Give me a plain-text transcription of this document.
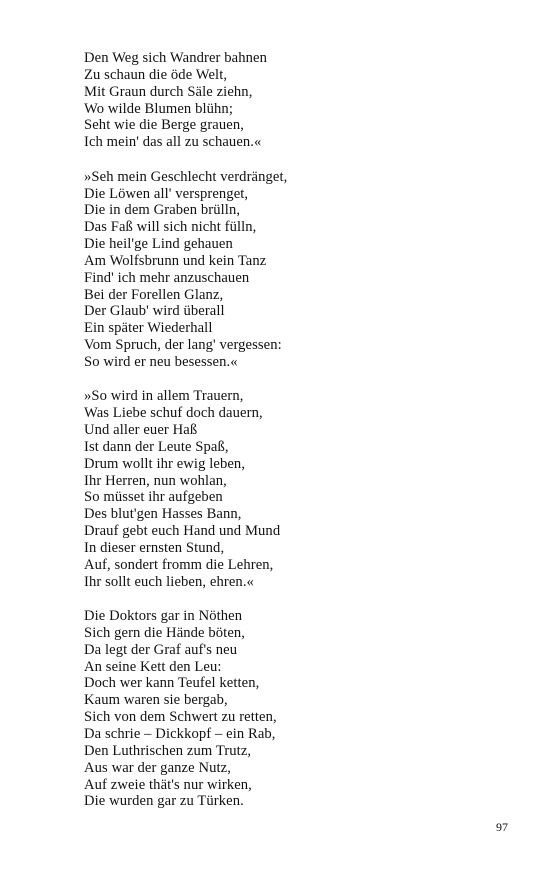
Den Weg sich Wandrer bahnen
Zu schaun die öde Welt,
Mit Graun durch Säle ziehn,
Wo wilde Blumen blühn;
Seht wie die Berge grauen,
Ich mein' das all zu schauen.«
»Seh mein Geschlecht verdränget,
Die Löwen all' versprenget,
Die in dem Graben brülln,
Das Faß will sich nicht fülln,
Die heil'ge Lind gehauen
Am Wolfsbrunn und kein Tanz
Find' ich mehr anzuschauen
Bei der Forellen Glanz,
Der Glaub' wird überall
Ein später Wiederhall
Vom Spruch, der lang' vergessen:
So wird er neu besessen.«
»So wird in allem Trauern,
Was Liebe schuf doch dauern,
Und aller euer Haß
Ist dann der Leute Spaß,
Drum wollt ihr ewig leben,
Ihr Herren, nun wohlan,
So müsset ihr aufgeben
Des blut'gen Hasses Bann,
Drauf gebt euch Hand und Mund
In dieser ernsten Stund,
Auf, sondert fromm die Lehren,
Ihr sollt euch lieben, ehren.«
Die Doktors gar in Nöthen
Sich gern die Hände böten,
Da legt der Graf auf's neu
An seine Kett den Leu:
Doch wer kann Teufel ketten,
Kaum waren sie bergab,
Sich von dem Schwert zu retten,
Da schrie – Dickkopf – ein Rab,
Den Luthrischen zum Trutz,
Aus war der ganze Nutz,
Auf zweie thät's nur wirken,
Die wurden gar zu Türken.
97
